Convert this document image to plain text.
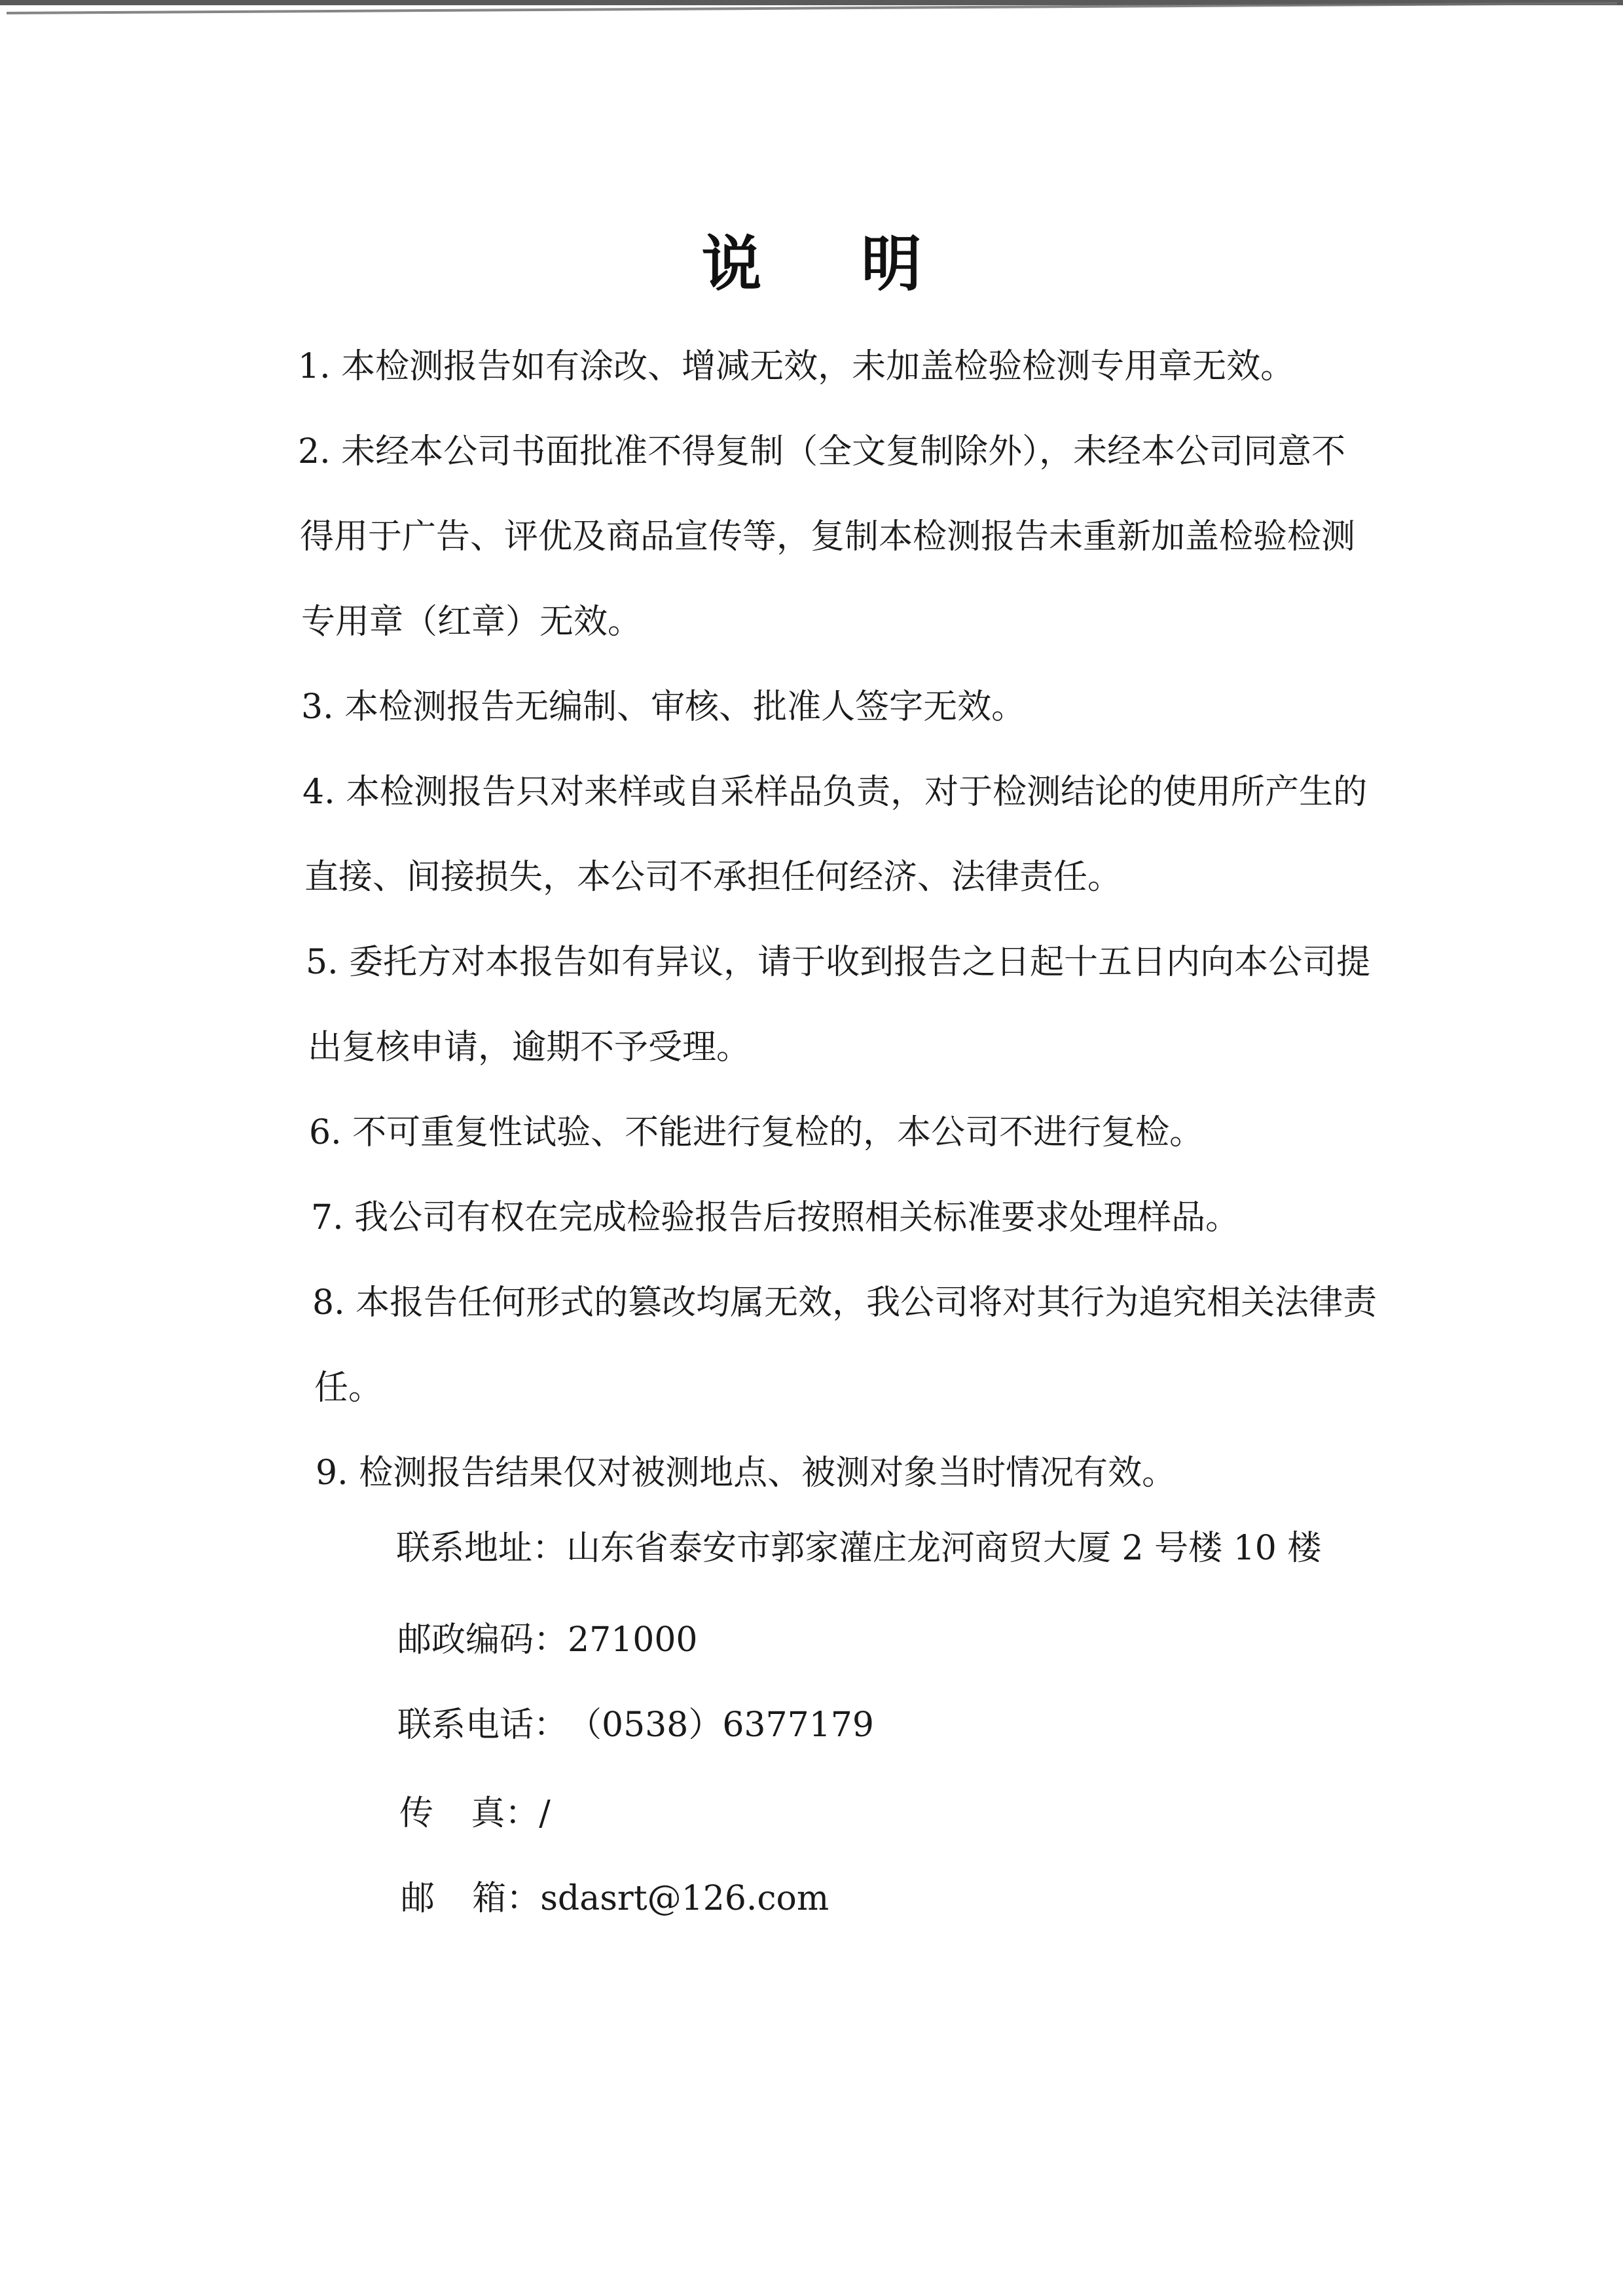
说 明
1. 本检测报告如有涂改、增减无效，未加盖检验检测专用章无效。
2. 未经本公司书面批准不得复制（全文复制除外），未经本公司同意不
得用于广告、评优及商品宣传等，复制本检测报告未重新加盖检验检测
专用章（红章）无效。
3. 本检测报告无编制、审核、批准人签字无效。
4. 本检测报告只对来样或自采样品负责，对于检测结论的使用所产生的
直接、间接损失，本公司不承担任何经济、法律责任。
5. 委托方对本报告如有异议，请于收到报告之日起十五日内向本公司提
出复核申请，逾期不予受理。
6. 不可重复性试验、不能进行复检的，本公司不进行复检。
7. 我公司有权在完成检验报告后按照相关标准要求处理样品。
8. 本报告任何形式的篡改均属无效，我公司将对其行为追究相关法律责
任。
9. 检测报告结果仅对被测地点、被测对象当时情况有效。
联系地址：山东省泰安市郭家灌庄龙河商贸大厦 2 号楼 10 楼
邮政编码：271000
联系电话：（0538）6377179
传真：/
邮箱：sdasrt@126.com
